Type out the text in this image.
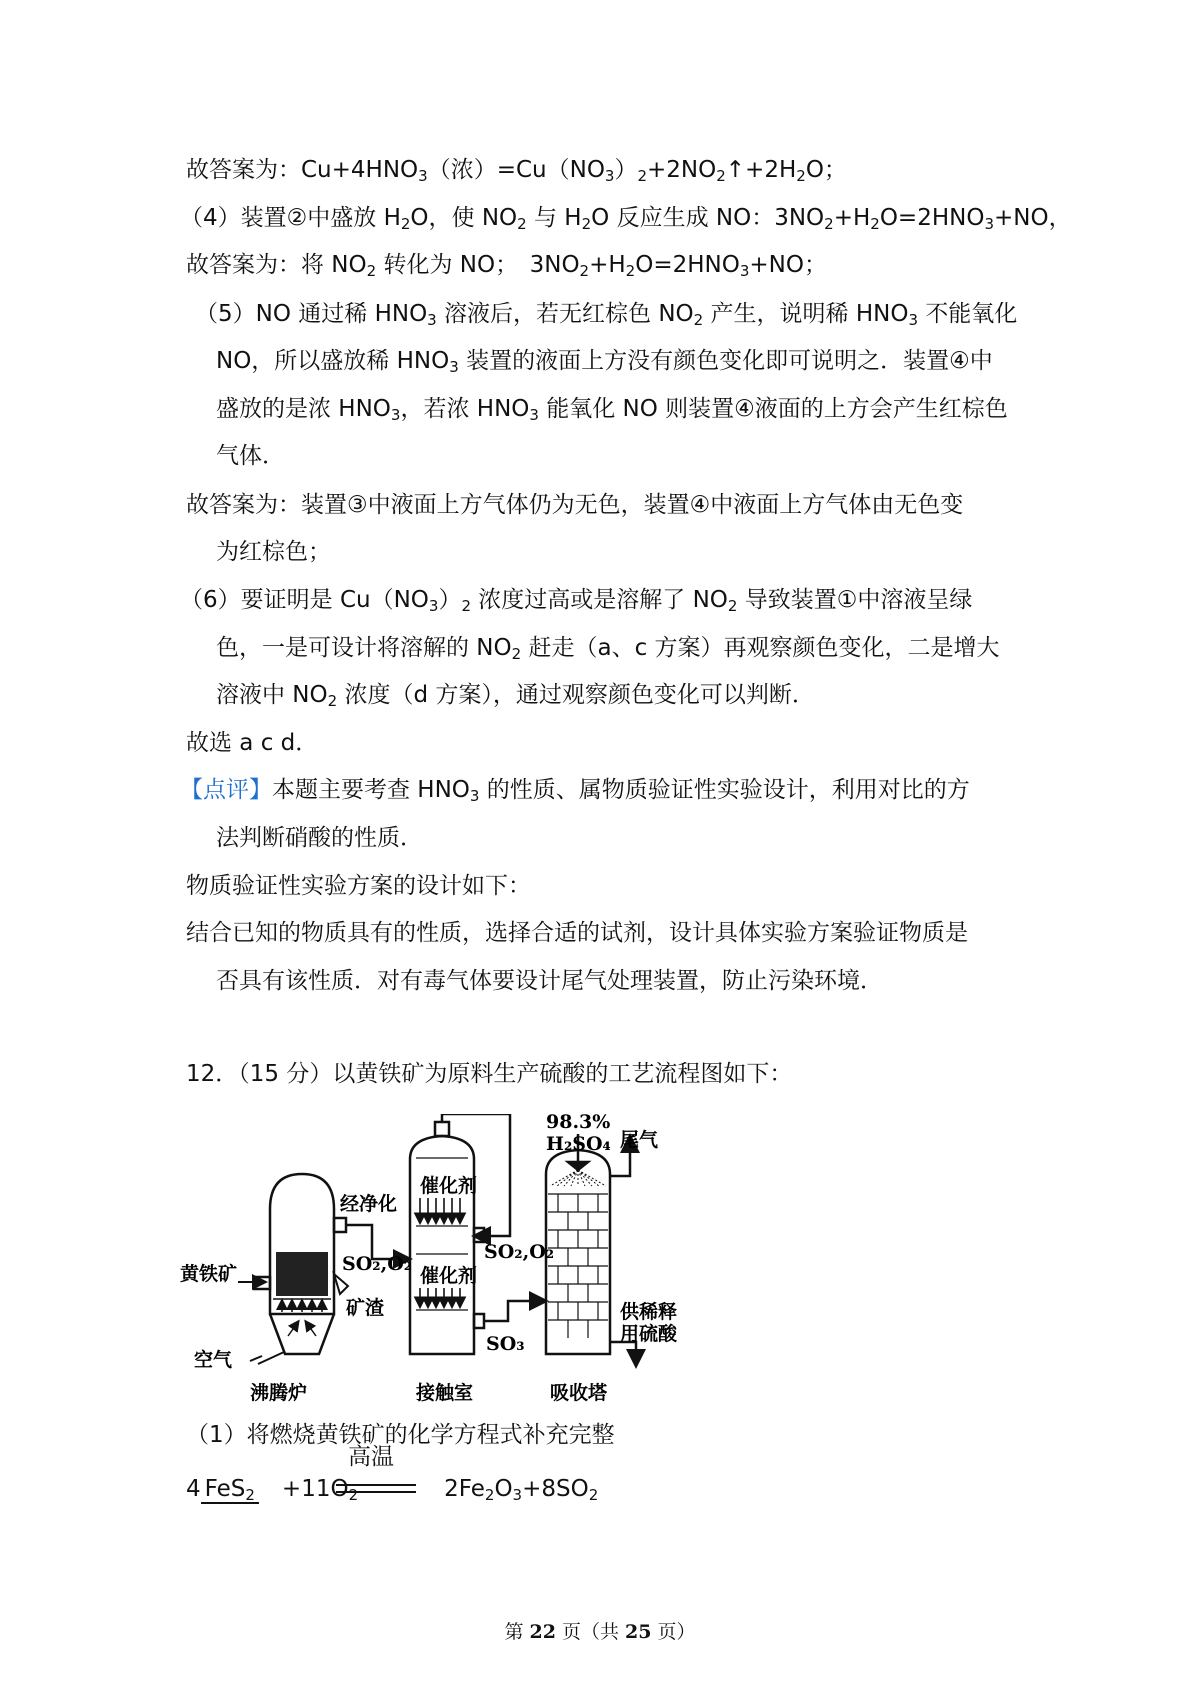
故答案为：$Cu+4HNO_3$（浓）$=Cu(NO_3)_2+2NO_2↑+2H_2O$；
（4）装置②中盛放 $H_2O$，使 $NO_2$ 与 $H_2O$ 反应生成 NO：$3NO_2+H_2O=2HNO_3+NO$，
故答案为：将 $NO_2$ 转化为 NO；　$3NO_2+H_2O=2HNO_3+NO$；
（5）NO 通过稀 $HNO_3$ 溶液后，若无红棕色 $NO_2$ 产生，说明稀 $HNO_3$ 不能氧化
NO，所以盛放稀 $HNO_3$ 装置的液面上方没有颜色变化即可说明之．装置④中
盛放的是浓 $HNO_3$，若浓 $HNO_3$ 能氧化 NO 则装置④液面的上方会产生红棕色
气体．
故答案为：装置③中液面上方气体仍为无色，装置④中液面上方气体由无色变
为红棕色；
（6）要证明是 $Cu(NO_3)_2$ 浓度过高或是溶解了 $NO_2$ 导致装置①中溶液呈绿
色，一是可设计将溶解的 $NO_2$ 赶走（a、c 方案）再观察颜色变化，二是增大
溶液中 $NO_2$ 浓度（d 方案），通过观察颜色变化可以判断．
故选 a c d．
【点评】本题主要考查 $HNO_3$ 的性质、属物质验证性实验设计，利用对比的方
法判断硝酸的性质．
物质验证性实验方案的设计如下：
结合已知的物质具有的性质，选择合适的试剂，设计具体实验方案验证物质是
否具有该性质．对有毒气体要设计尾气处理装置，防止污染环境．
12．（15 分）以黄铁矿为原料生产硫酸的工艺流程图如下：
98.3%
H₂SO₄ 尾气
经净化
催化剂
催化剂
SO₂,O₂
SO₂,O₂
SO₃
黄铁矿
矿渣
空气
沸腾炉	接触室	吸收塔
供稀释
用硫酸
（1）将燃烧黄铁矿的化学方程式补充完整
4 FeS$_2$　 $+11O_2$	$2Fe_2O_3+8SO_2$
高温
第 22 页（共 25 页）
